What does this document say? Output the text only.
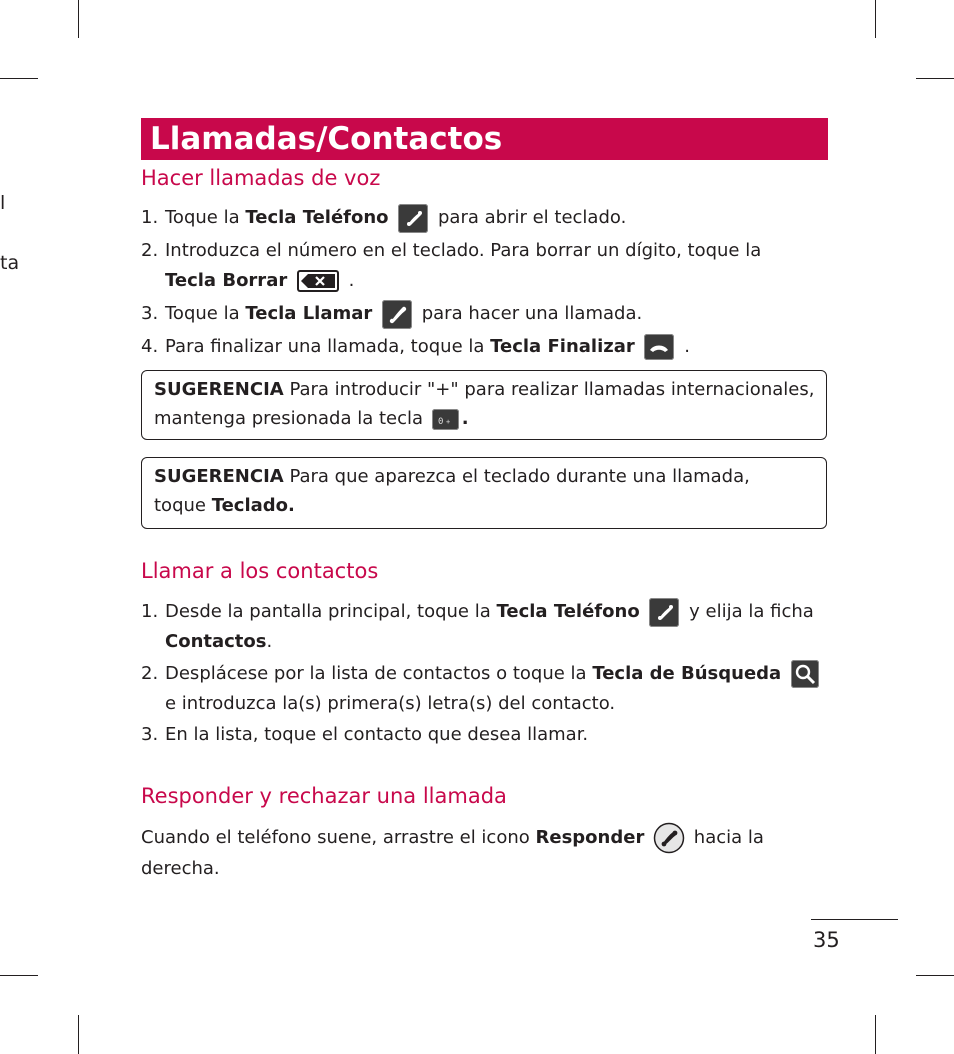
l
ta
Llamadas/Contactos
Hacer llamadas de voz
1. Toque la Tecla Teléfono
para abrir el teclado.

2. Introduzca el número en el teclado. Para borrar un dígito, toque la

Tecla Borrar	.

3. Toque la Tecla Llamar
para hacer una llamada.

4. Para finalizar una llamada, toque la Tecla Finalizar
.

SUGERENCIA Para introducir "+" para realizar llamadas internacionales,

mantenga presionada la tecla 0 + .

SUGERENCIA Para que aparezca el teclado durante una llamada,

toque Teclado.

Llamar a los contactos
1. Desde la pantalla principal, toque la Tecla Teléfono
y elija la ficha

Contactos.

2. Desplácese por la lista de contactos o toque la Tecla de Búsqueda

e introduzca la(s) primera(s) letra(s) del contacto.

3. En la lista, toque el contacto que desea llamar.

Responder y rechazar una llamada

Cuando el teléfono suene, arrastre el icono Responder  hacia la

derecha.

35
